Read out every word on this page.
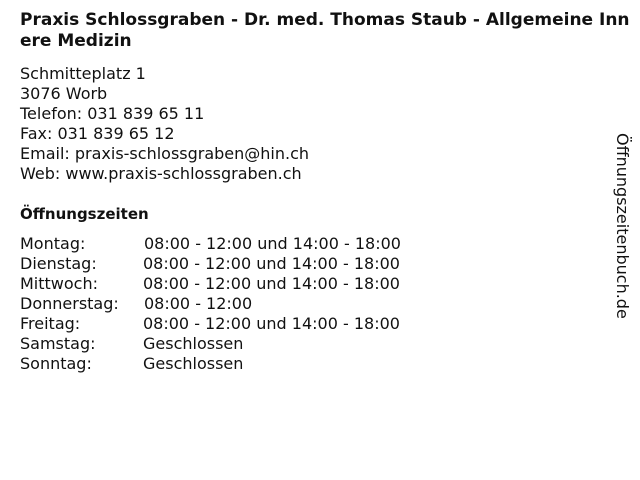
Praxis Schlossgraben - Dr. med. Thomas Staub - Allgemeine Innere Medizin
Schmitteplatz 1
3076 Worb
Telefon: 031 839 65 11
Fax: 031 839 65 12
Email: praxis-schlossgraben@hin.ch
Web: www.praxis-schlossgraben.ch
Öffnungszeiten
Montag:	08:00 - 12:00 und 14:00 - 18:00
Dienstag:	08:00 - 12:00 und 14:00 - 18:00
Mittwoch:	08:00 - 12:00 und 14:00 - 18:00
Donnerstag: 08:00 - 12:00
Freitag:	08:00 - 12:00 und 14:00 - 18:00
Samstag:	Geschlossen
Sonntag:	Geschlossen
Öffnungszeitenbuch.de
